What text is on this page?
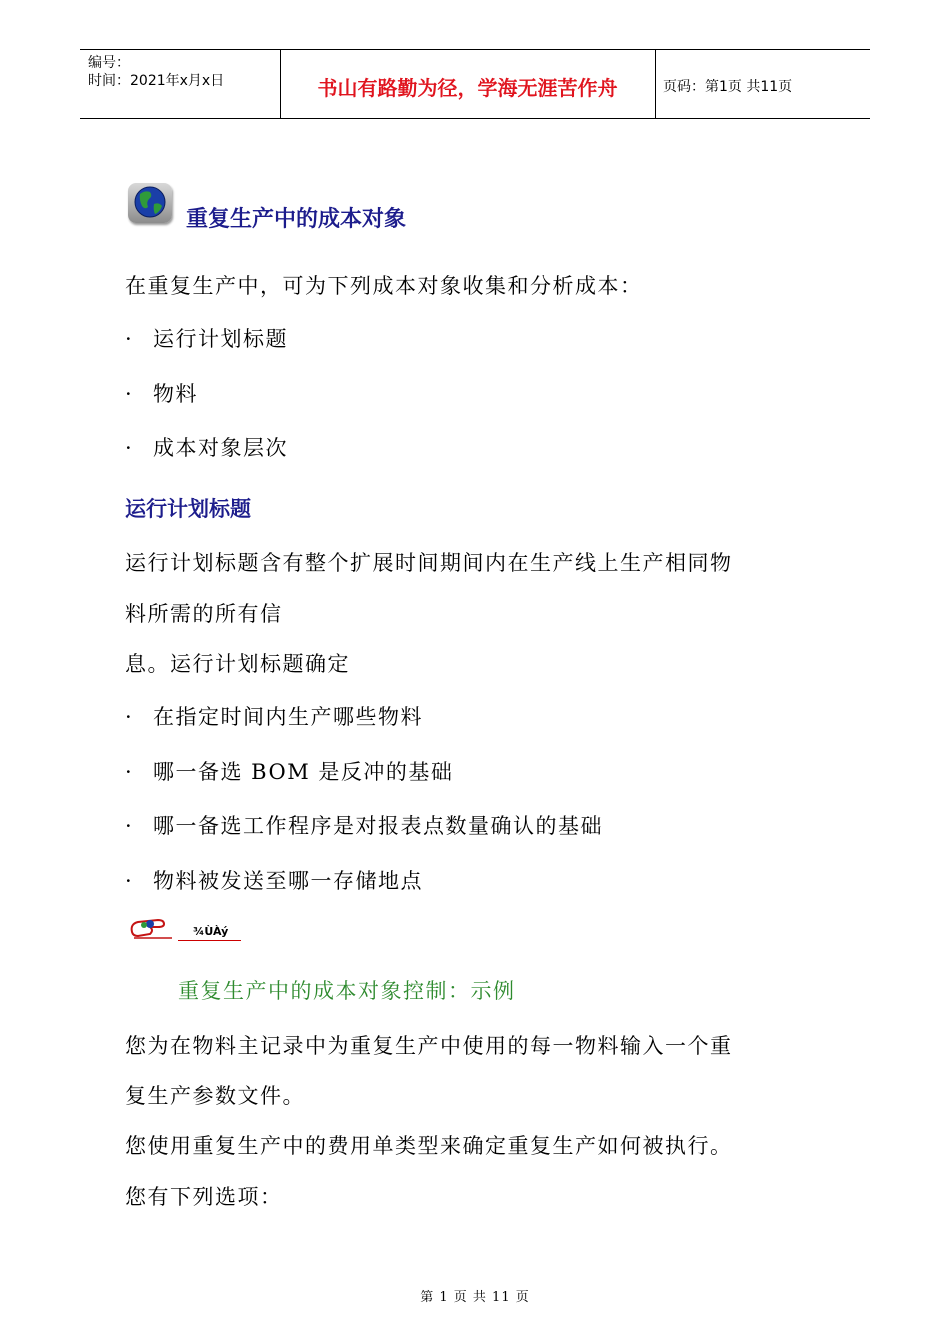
编号：
时间：2021年x月x日	书山有路勤为径，学海无涯苦作舟	页码：第1页 共11页
重复生产中的成本对象
在重复生产中，可为下列成本对象收集和分析成本：
· 运行计划标题
· 物料
· 成本对象层次
运行计划标题
运行计划标题含有整个扩展时间期间内在生产线上生产相同物
料所需的所有信
息。运行计划标题确定
· 在指定时间内生产哪些物料
· 哪一备选 BOM 是反冲的基础
· 哪一备选工作程序是对报表点数量确认的基础
· 物料被发送至哪一存储地点
¾ÙÀý
重复生产中的成本对象控制：示例
您为在物料主记录中为重复生产中使用的每一物料输入一个重
复生产参数文件。
您使用重复生产中的费用单类型来确定重复生产如何被执行。
您有下列选项：
第 1 页 共 11 页
